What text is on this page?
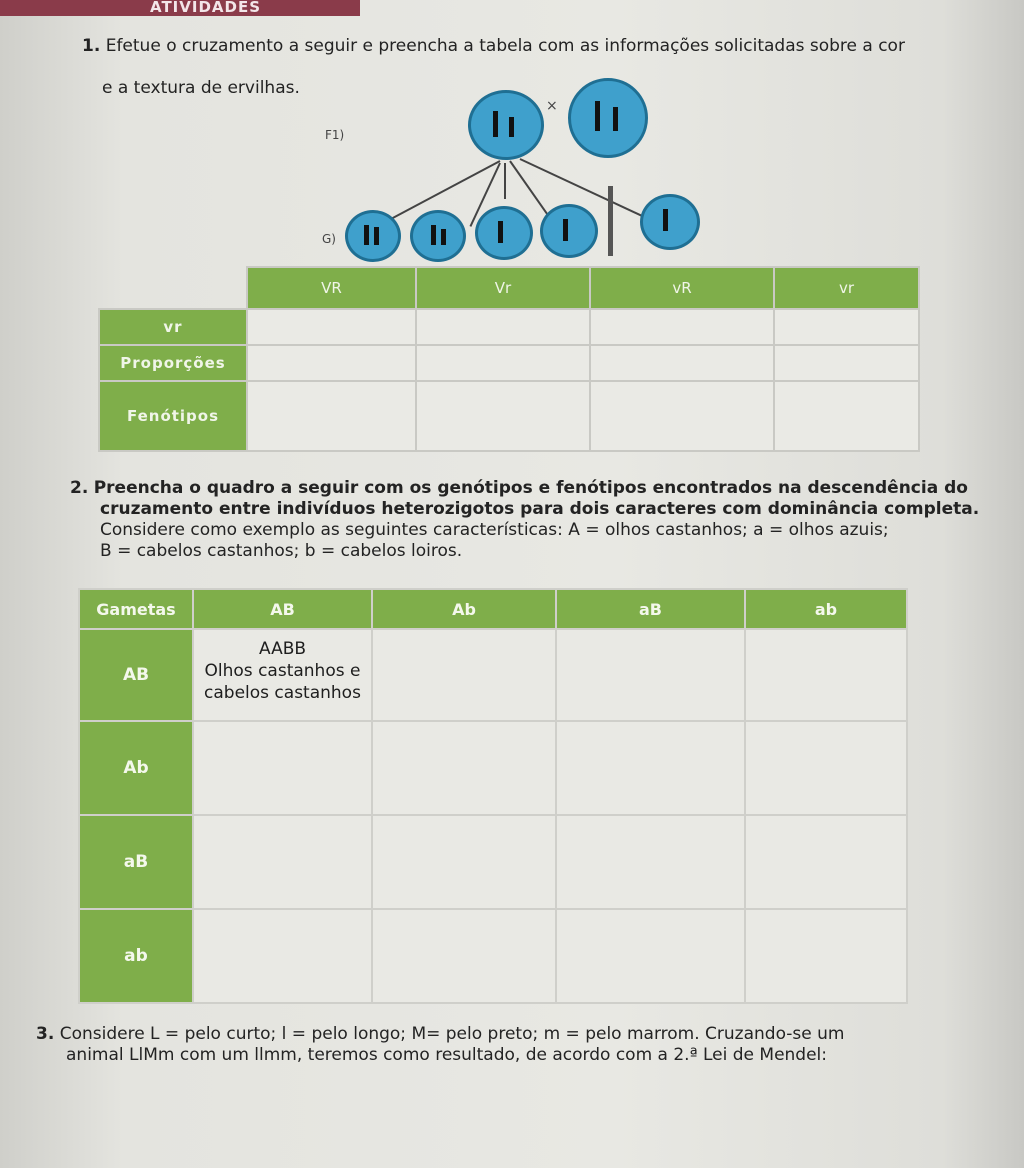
ATIVIDADES
1. Efetue o cruzamento a seguir e preencha a tabela com as informações solicitadas sobre a cor
e a textura de ervilhas.
F1)
×
G)
	VR	Vr	vR	vr
vr				
Proporções				
Fenótipos				
2. Preencha o quadro a seguir com os genótipos e fenótipos encontrados na descendência do
cruzamento entre indivíduos heterozigotos para dois caracteres com dominância completa.
Considere como exemplo as seguintes características: A = olhos castanhos; a = olhos azuis;
B = cabelos castanhos; b = cabelos loiros.
Gametas	AB	Ab	aB	ab
AB	AABB
Olhos castanhos e
cabelos castanhos			

Ab				
aB				
ab				
3. Considere L = pelo curto; l = pelo longo; M= pelo preto; m = pelo marrom. Cruzando-se um
animal LlMm com um llmm, teremos como resultado, de acordo com a 2.ª Lei de Mendel:
